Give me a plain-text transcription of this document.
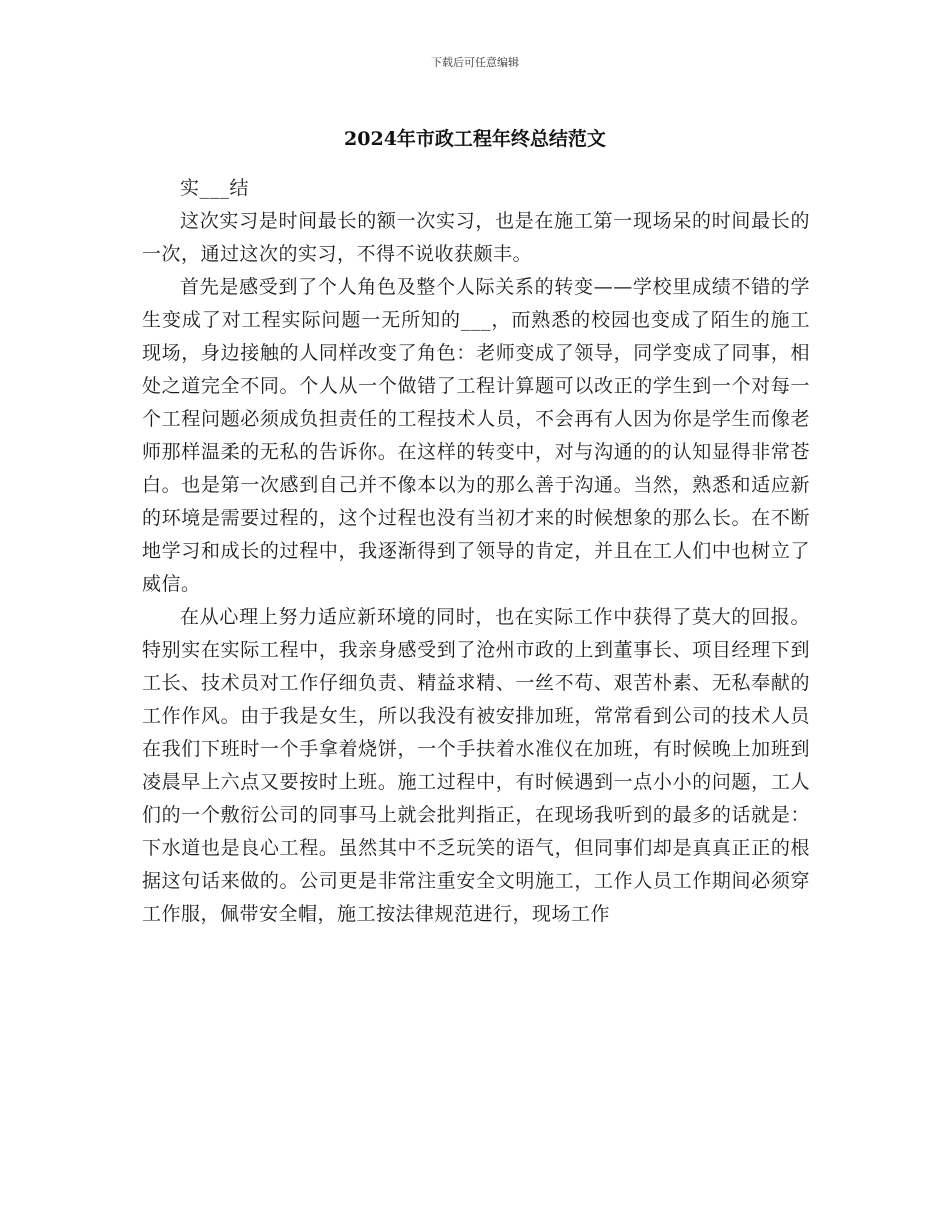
下载后可任意编辑
2024年市政工程年终总结范文

实___结

这次实习是时间最长的额一次实习，也是在施工第一现场呆的时间最长的一次，通过这次的实习，不得不说收获颇丰。

首先是感受到了个人角色及整个人际关系的转变——学校里成绩不错的学生变成了对工程实际问题一无所知的___，而熟悉的校园也变成了陌生的施工现场，身边接触的人同样改变了角色：老师变成了领导，同学变成了同事，相处之道完全不同。个人从一个做错了工程计算题可以改正的学生到一个对每一个工程问题必须成负担责任的工程技术人员，不会再有人因为你是学生而像老师那样温柔的无私的告诉你。在这样的转变中，对与沟通的的认知显得非常苍白。也是第一次感到自己并不像本以为的那么善于沟通。当然，熟悉和适应新的环境是需要过程的，这个过程也没有当初才来的时候想象的那么长。在不断地学习和成长的过程中，我逐渐得到了领导的肯定，并且在工人们中也树立了威信。

在从心理上努力适应新环境的同时，也在实际工作中获得了莫大的回报。特别实在实际工程中，我亲身感受到了沧州市政的上到董事长、项目经理下到工长、技术员对工作仔细负责、精益求精、一丝不苟、艰苦朴素、无私奉献的工作作风。由于我是女生，所以我没有被安排加班，常常看到公司的技术人员在我们下班时一个手拿着烧饼，一个手扶着水准仪在加班，有时候晚上加班到凌晨早上六点又要按时上班。施工过程中，有时候遇到一点小小的问题，工人们的一个敷衍公司的同事马上就会批判指正，在现场我听到的最多的话就是：下水道也是良心工程。虽然其中不乏玩笑的语气，但同事们却是真真正正的根据这句话来做的。公司更是非常注重安全文明施工，工作人员工作期间必须穿工作服，佩带安全帽，施工按法律规范进行，现场工作
